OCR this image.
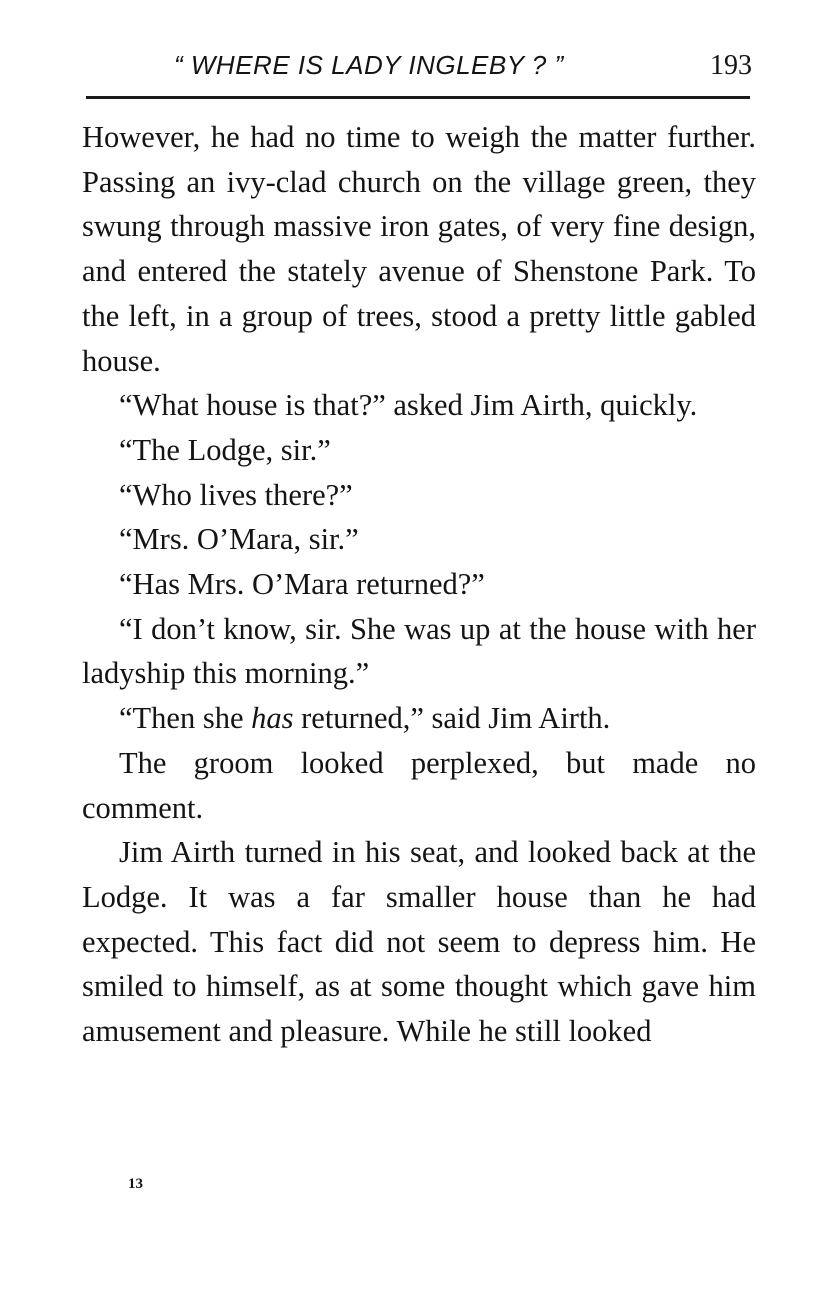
“ WHERE IS LADY INGLEBY ? ”	193

However, he had no time to weigh the matter further. Passing an ivy-clad church on the village green, they swung through massive iron gates, of very fine design, and entered the stately avenue of Shenstone Park. To the left, in a group of trees, stood a pretty little gabled house.

“What house is that?” asked Jim Airth, quickly.

“The Lodge, sir.”

“Who lives there?”

“Mrs. O’Mara, sir.”

“Has Mrs. O’Mara returned?”

“I don’t know, sir. She was up at the house with her ladyship this morning.”

“Then she has returned,” said Jim Airth.

The groom looked perplexed, but made no comment.

Jim Airth turned in his seat, and looked back at the Lodge. It was a far smaller house than he had expected. This fact did not seem to depress him. He smiled to himself, as at some thought which gave him amusement and pleasure. While he still looked

13
